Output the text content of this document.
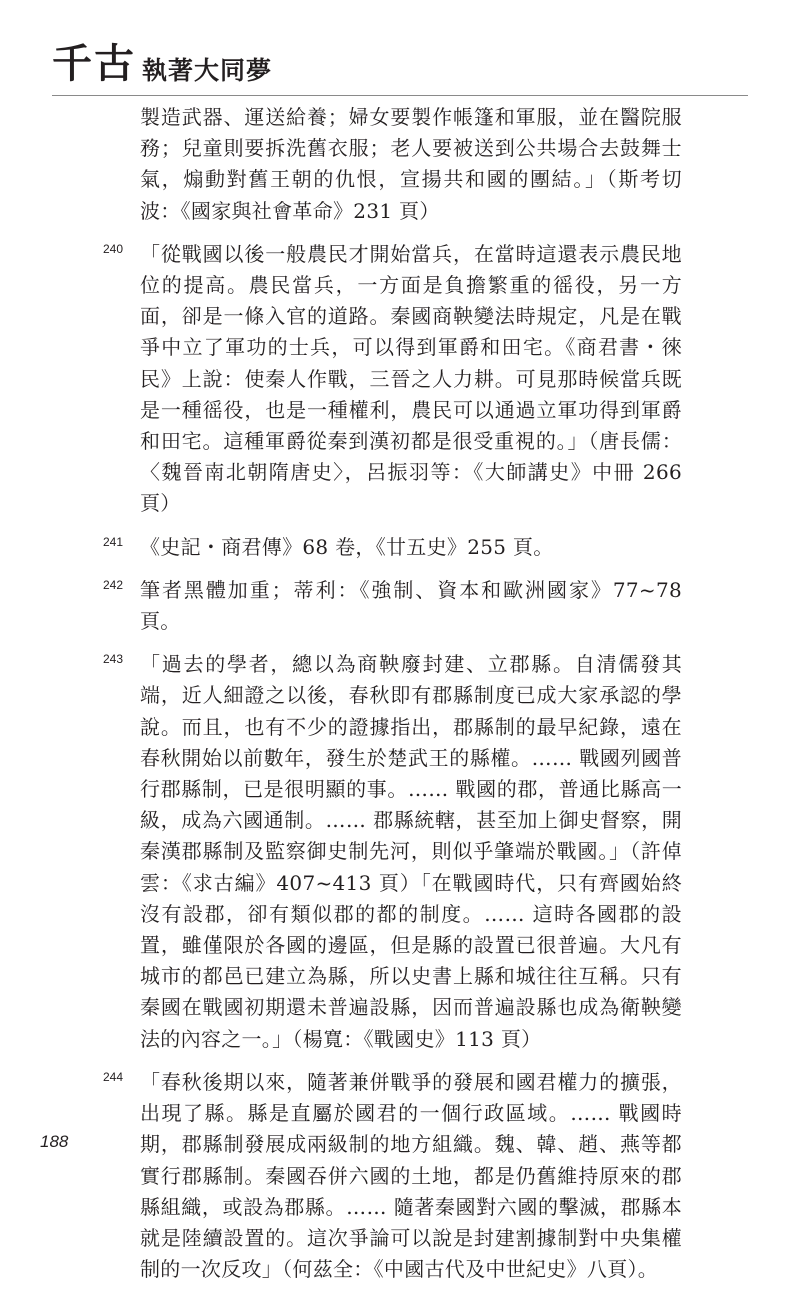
千古 執著大同夢

製造武器、運送給養；婦女要製作帳篷和軍服，並在醫院服務；兒童則要拆洗舊衣服；老人要被送到公共場合去鼓舞士氣，煽動對舊王朝的仇恨，宣揚共和國的團結。」（斯考切波：《國家與社會革命》231 頁）

240 「從戰國以後一般農民才開始當兵，在當時這還表示農民地位的提高。農民當兵，一方面是負擔繁重的徭役，另一方面，卻是一條入官的道路。秦國商鞅變法時規定，凡是在戰爭中立了軍功的士兵，可以得到軍爵和田宅。《商君書・徠民》上說：使秦人作戰，三晉之人力耕。可見那時候當兵既是一種徭役，也是一種權利，農民可以通過立軍功得到軍爵和田宅。這種軍爵從秦到漢初都是很受重視的。」（唐長儒：〈魏晉南北朝隋唐史〉，呂振羽等：《大師講史》中冊 266 頁）

241 《史記・商君傳》68 卷，《廿五史》255 頁。

242 筆者黑體加重；蒂利：《強制、資本和歐洲國家》77~78 頁。

243 「過去的學者，總以為商鞅廢封建、立郡縣。自清儒發其端，近人細證之以後，春秋即有郡縣制度已成大家承認的學說。而且，也有不少的證據指出，郡縣制的最早紀錄，遠在春秋開始以前數年，發生於楚武王的縣權。…… 戰國列國普行郡縣制，已是很明顯的事。…… 戰國的郡，普通比縣高一級，成為六國通制。…… 郡縣統轄，甚至加上御史督察，開秦漢郡縣制及監察御史制先河，則似乎肇端於戰國。」（許倬雲：《求古編》407~413 頁）「在戰國時代，只有齊國始終沒有設郡，卻有類似郡的都的制度。…… 這時各國郡的設置，雖僅限於各國的邊區，但是縣的設置已很普遍。大凡有城市的都邑已建立為縣，所以史書上縣和城往往互稱。只有秦國在戰國初期還未普遍設縣，因而普遍設縣也成為衛鞅變法的內容之一。」（楊寬：《戰國史》113 頁）

244 「春秋後期以來，隨著兼併戰爭的發展和國君權力的擴張，出現了縣。縣是直屬於國君的一個行政區域。…… 戰國時期，郡縣制發展成兩級制的地方組織。魏、韓、趙、燕等都實行郡縣制。秦國吞併六國的土地，都是仍舊維持原來的郡縣組織，或設為郡縣。…… 隨著秦國對六國的擊滅，郡縣本就是陸續設置的。這次爭論可以說是封建割據制對中央集權制的一次反攻」（何茲全：《中國古代及中世紀史》八頁）。

188
